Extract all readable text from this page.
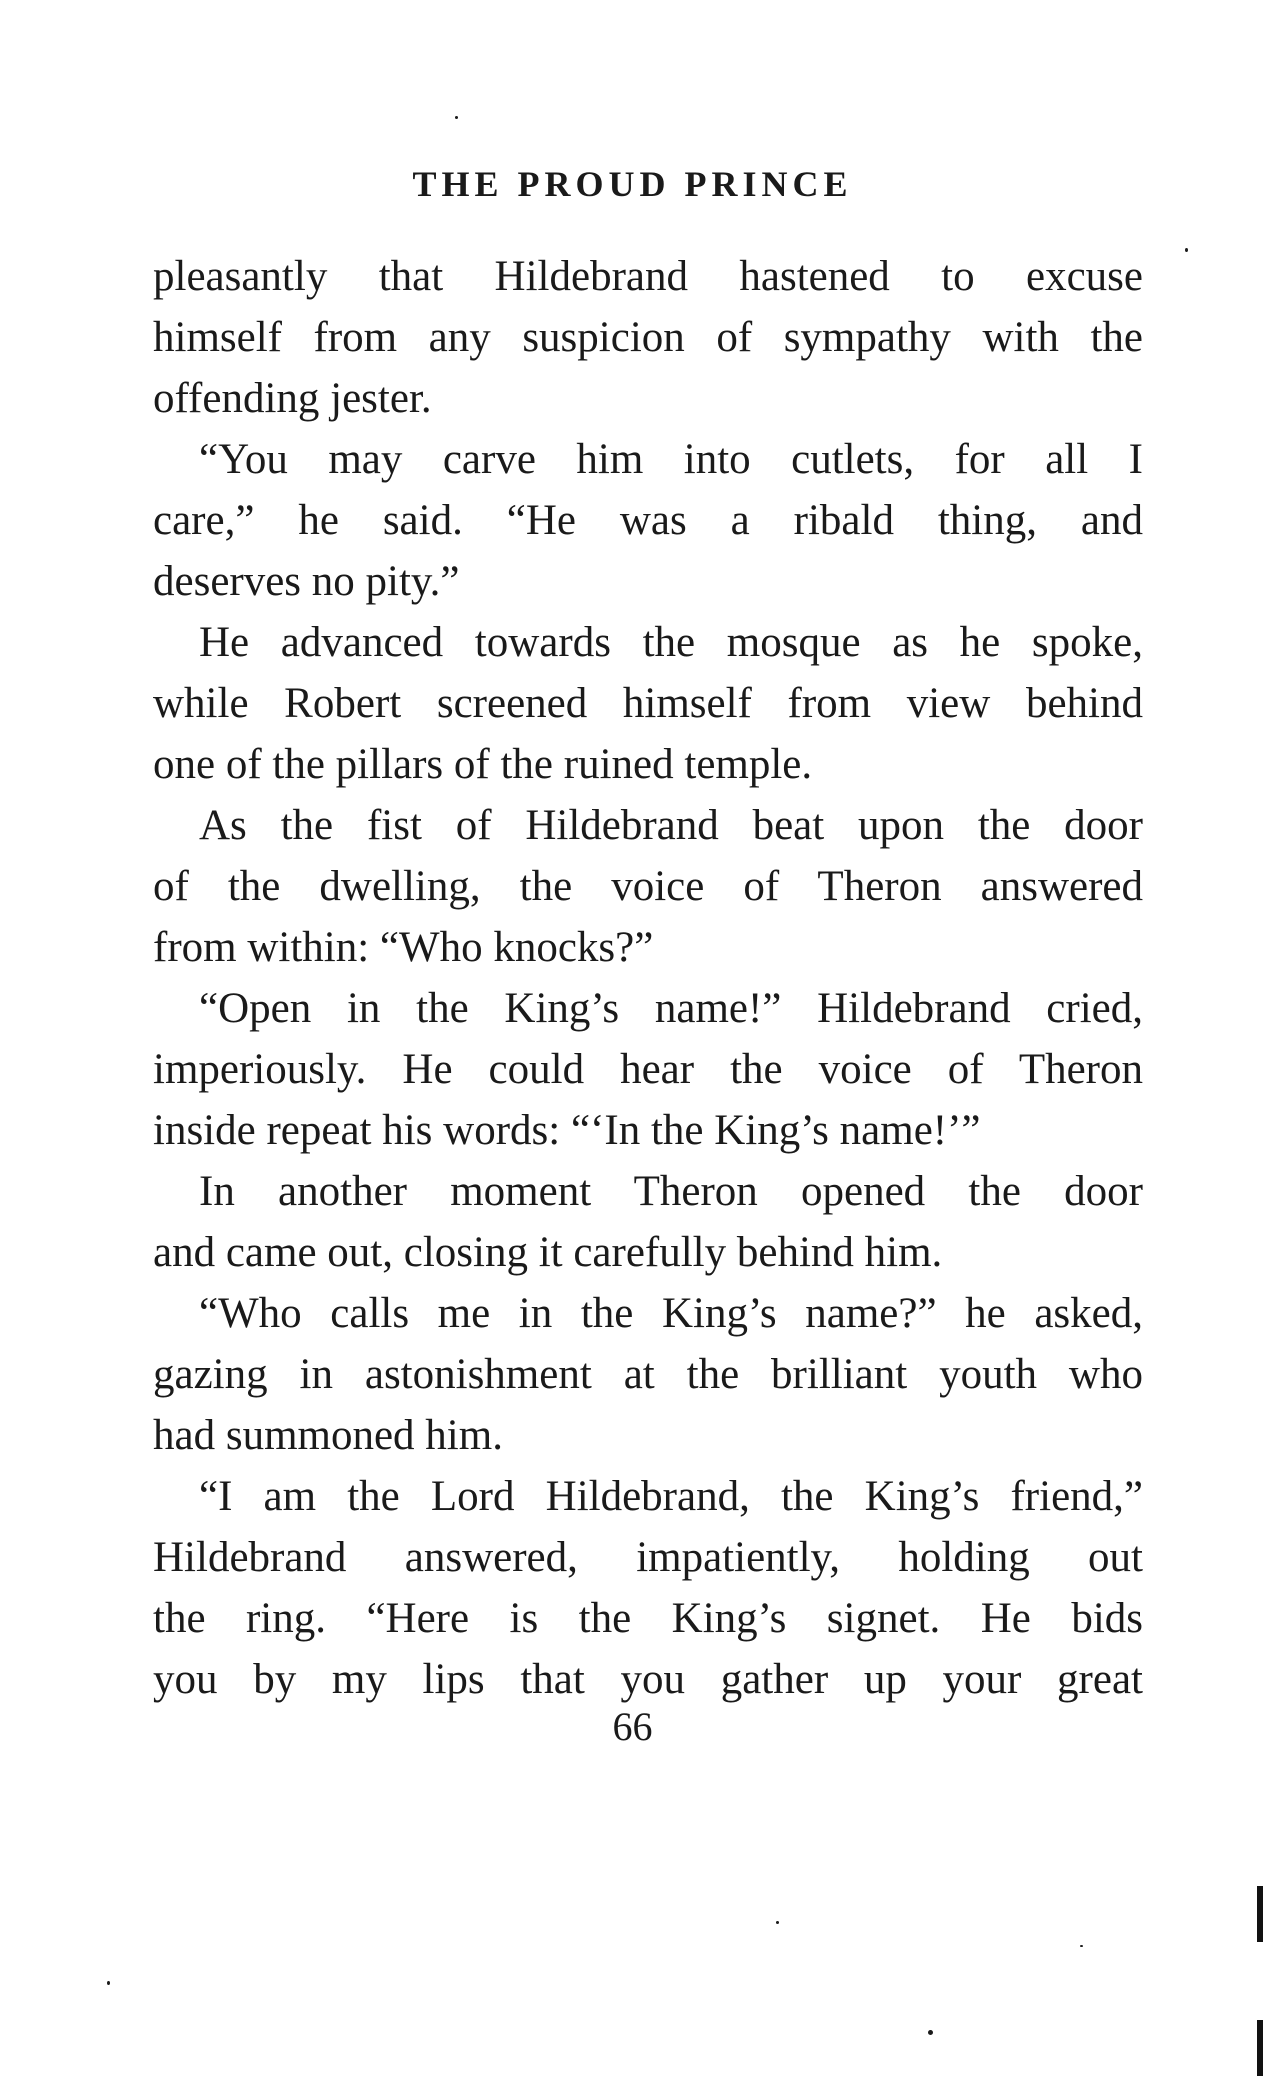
THE PROUD PRINCE
pleasantly that Hildebrand hastened to excuse
himself from any suspicion of sympathy with the
offending jester.
“You may carve him into cutlets, for all I
care,” he said. “He was a ribald thing, and
deserves no pity.”
He advanced towards the mosque as he spoke,
while Robert screened himself from view behind
one of the pillars of the ruined temple.
As the fist of Hildebrand beat upon the door
of the dwelling, the voice of Theron answered
from within: “Who knocks?”
“Open in the King’s name!” Hildebrand cried,
imperiously. He could hear the voice of Theron
inside repeat his words: “‘In the King’s name!’”
In another moment Theron opened the door
and came out, closing it carefully behind him.
“Who calls me in the King’s name?” he asked,
gazing in astonishment at the brilliant youth who
had summoned him.
“I am the Lord Hildebrand, the King’s friend,”
Hildebrand answered, impatiently, holding out
the ring. “Here is the King’s signet. He bids
you by my lips that you gather up your great
66
